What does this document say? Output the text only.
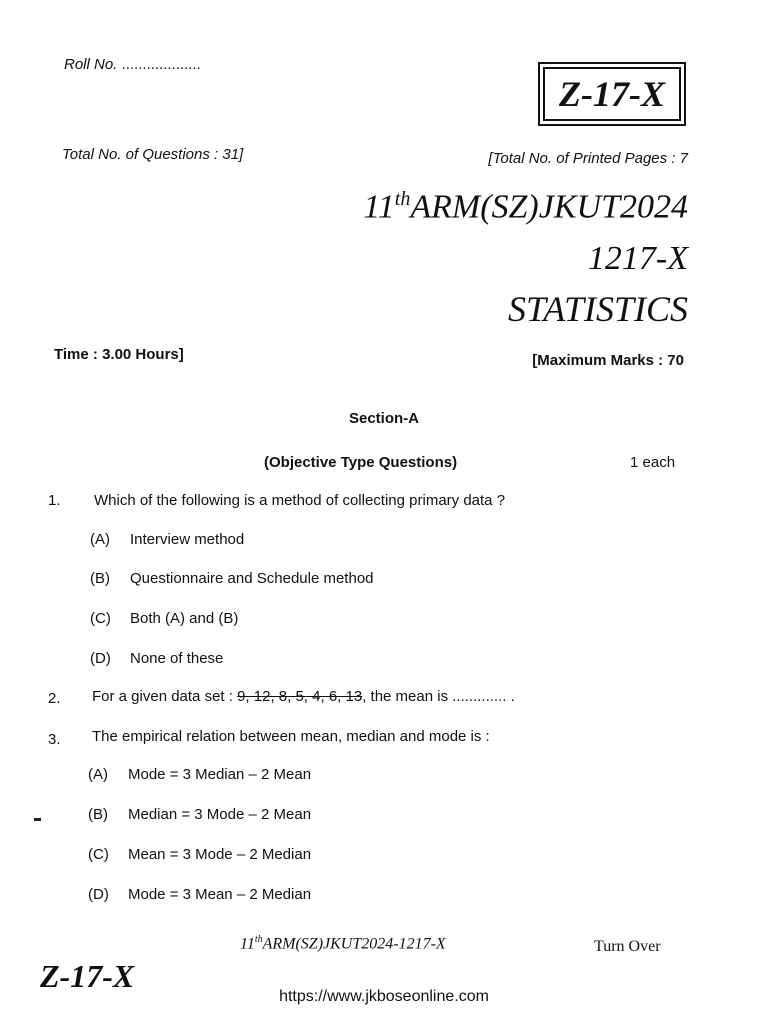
Roll No. ...................
Z-17-X
Total No. of Questions : 31]	[Total No. of Printed Pages : 7
11thARM(SZ)JKUT2024
1217-X
STATISTICS
Time : 3.00 Hours]	[Maximum Marks : 70
Section-A
(Objective Type Questions)	1 each
1. Which of the following is a method of collecting primary data ?
(A) Interview method
(B) Questionnaire and Schedule method
(C) Both (A) and (B)
(D) None of these
2. For a given data set : 9, 12, 8, 5, 4, 6, 13, the mean is ............. .
3. The empirical relation between mean, median and mode is :
(A) Mode = 3 Median – 2 Mean
(B) Median = 3 Mode – 2 Mean
(C) Mean = 3 Mode – 2 Median
(D) Mode = 3 Mean – 2 Median
11thARM(SZ)JKUT2024-1217-X	Turn Over
Z-17-X
https://www.jkboseonline.com
